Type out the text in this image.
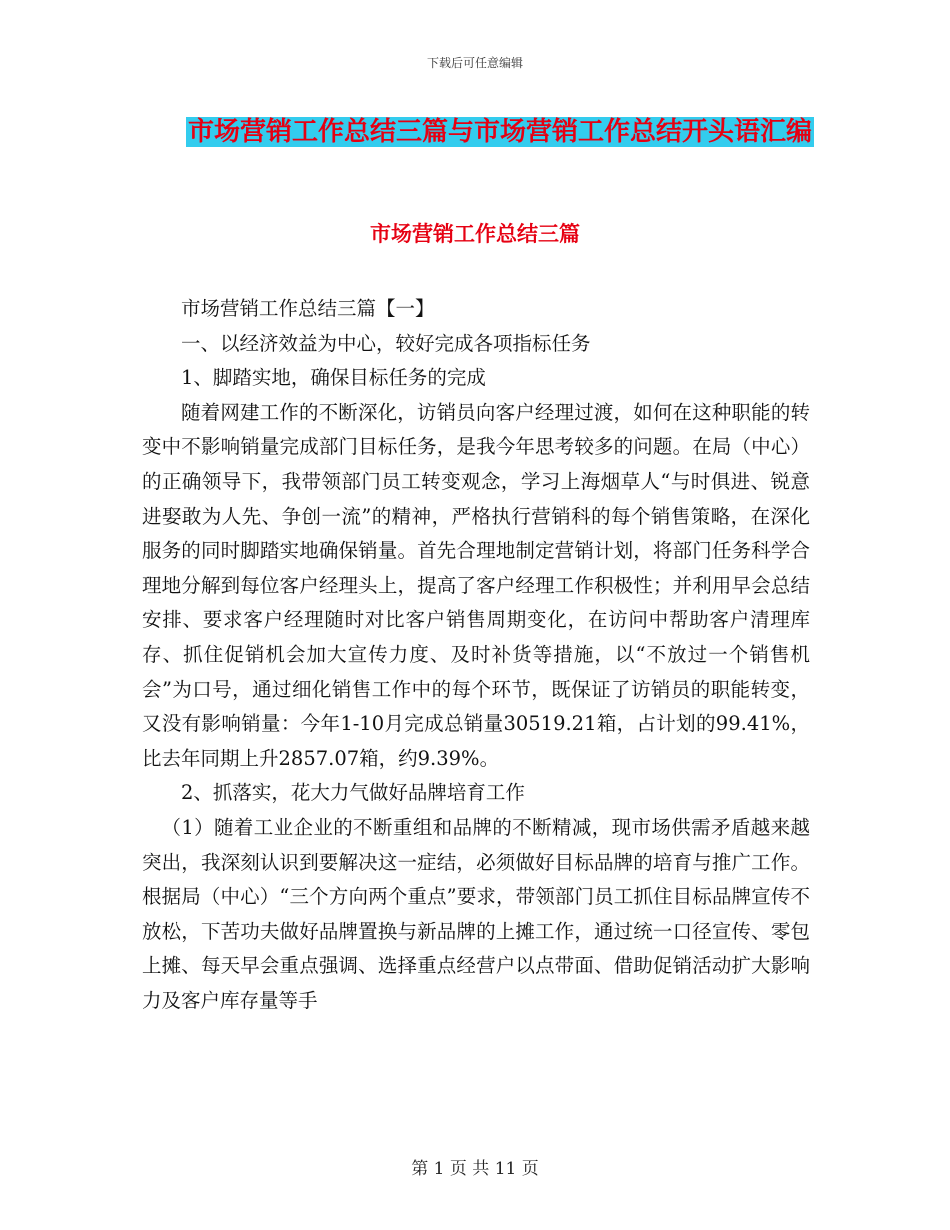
下载后可任意编辑
市场营销工作总结三篇与市场营销工作总结开头语汇编
市场营销工作总结三篇

市场营销工作总结三篇【一】

一、以经济效益为中心，较好完成各项指标任务

1、脚踏实地，确保目标任务的完成

随着网建工作的不断深化，访销员向客户经理过渡，如何在这种职能的转变中不影响销量完成部门目标任务，是我今年思考较多的问题。在局（中心）的正确领导下，我带领部门员工转变观念，学习上海烟草人“与时俱进、锐意进娶敢为人先、争创一流”的精神，严格执行营销科的每个销售策略，在深化服务的同时脚踏实地确保销量。首先合理地制定营销计划，将部门任务科学合理地分解到每位客户经理头上，提高了客户经理工作积极性；并利用早会总结安排、要求客户经理随时对比客户销售周期变化，在访问中帮助客户清理库存、抓住促销机会加大宣传力度、及时补货等措施，以“不放过一个销售机会”为口号，通过细化销售工作中的每个环节，既保证了访销员的职能转变，又没有影响销量：今年1-10月完成总销量30519.21箱，占计划的99.41%，比去年同期上升2857.07箱，约9.39%。

2、抓落实，花大力气做好品牌培育工作

（1）随着工业企业的不断重组和品牌的不断精减，现市场供需矛盾越来越突出，我深刻认识到要解决这一症结，必须做好目标品牌的培育与推广工作。根据局（中心）“三个方向两个重点”要求，带领部门员工抓住目标品牌宣传不放松，下苦功夫做好品牌置换与新品牌的上摊工作，通过统一口径宣传、零包上摊、每天早会重点强调、选择重点经营户以点带面、借助促销活动扩大影响力及客户库存量等手

第 1 页 共 11 页
